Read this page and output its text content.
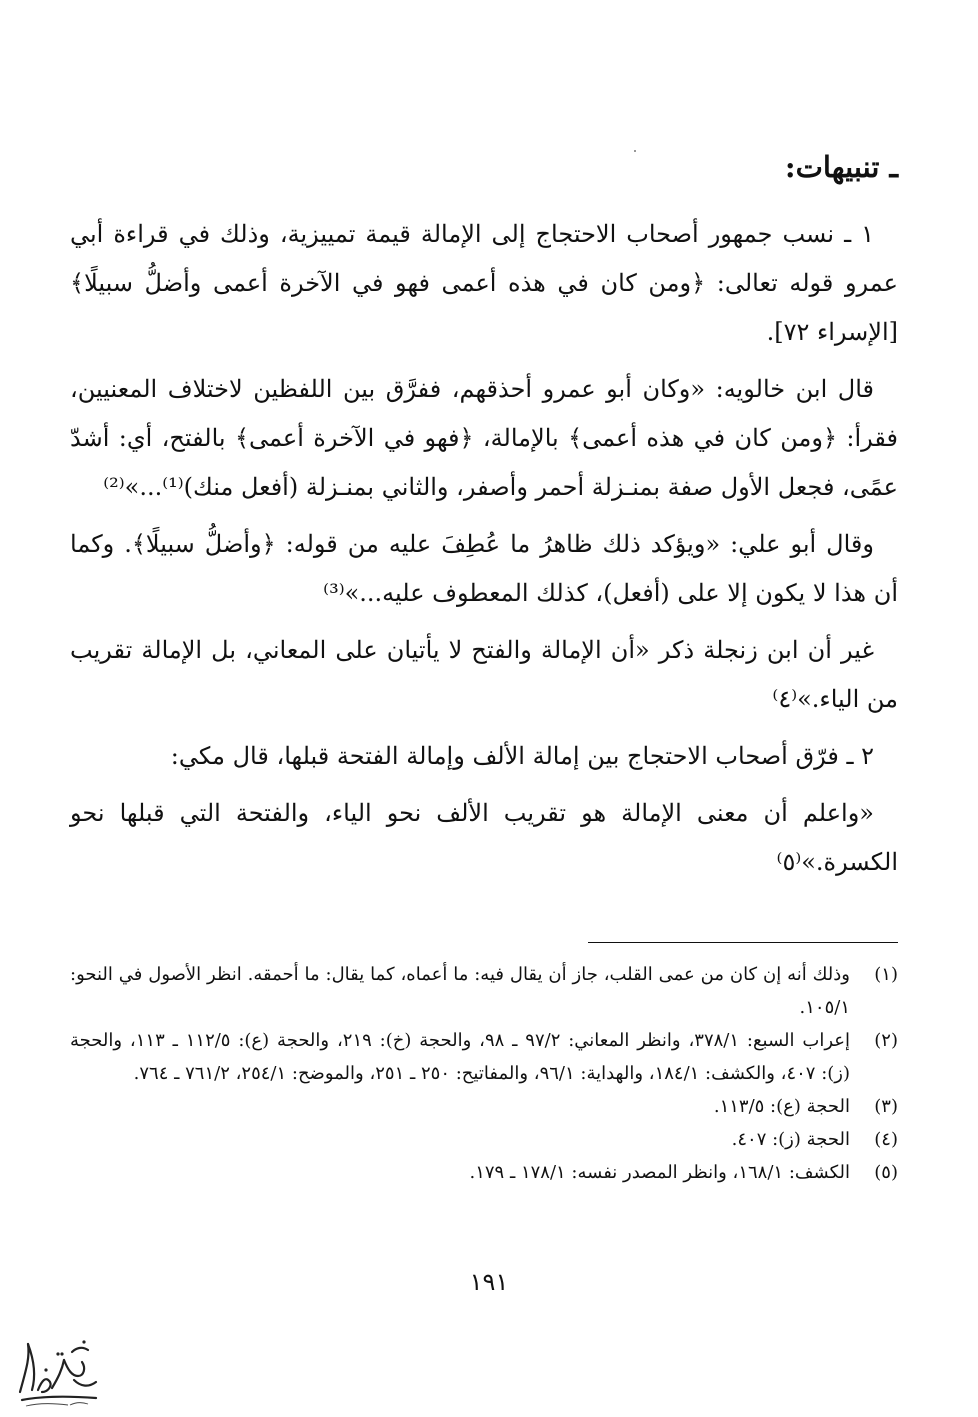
ـ تنبيهات:

١ ـ نسب جمهور أصحاب الاحتجاج إلى الإمالة قيمة تمييزية، وذلك في قراءة أبي عمرو قوله تعالى: ﴿ومن كان في هذه أعمى فهو في الآخرة أعمى وأضلُّ سبيلًا﴾ [الإسراء ٧٢].

قال ابن خالويه: «وكان أبو عمرو أحذقهم، ففرَّق بين اللفظين لاختلاف المعنيين، فقرأ: ﴿ومن كان في هذه أعمى﴾ بالإمالة، ﴿فهو في الآخرة أعمى﴾ بالفتح، أي: أشدّ عمًى، فجعل الأول صفة بمنـزلة أحمر وأصفر، والثاني بمنـزلة (أفعل منك)⁽¹⁾...»⁽²⁾

وقال أبو علي: «ويؤكد ذلك ظاهرُ ما عُطِفَ عليه من قوله: ﴿وأضلُّ سبيلًا﴾. وكما أن هذا لا يكون إلا على (أفعل)، كذلك المعطوف عليه...»⁽³⁾

غير أن ابن زنجلة ذكر «أن الإمالة والفتح لا يأتيان على المعاني، بل الإمالة تقريب من الياء.»⁽٤⁾

٢ ـ فرّق أصحاب الاحتجاج بين إمالة الألف وإمالة الفتحة قبلها، قال مكي:

«واعلم أن معنى الإمالة هو تقريب الألف نحو الياء، والفتحة التي قبلها نحو الكسرة.»⁽٥⁾

(١)
وذلك أنه إن كان من عمى القلب، جاز أن يقال فيه: ما أعماه، كما يقال: ما أحمقه. انظر الأصول في النحو: ١٠٥/١.
(٢)
إعراب السبع: ٣٧٨/١، وانظر المعاني: ٩٧/٢ ـ ٩٨، والحجة (خ): ٢١٩، والحجة (ع): ١١٢/٥ ـ ١١٣، والحجة (ز): ٤٠٧، والكشف: ١٨٤/١، والهداية: ٩٦/١، والمفاتيح: ٢٥٠ ـ ٢٥١، والموضح: ٢٥٤/١، ٧٦١/٢ ـ ٧٦٤.
(٣)
الحجة (ع): ١١٣/٥.
(٤)
الحجة (ز): ٤٠٧.
(٥)
الكشف: ١٦٨/١، وانظر المصدر نفسه: ١٧٨/١ ـ ١٧٩.
١٩١
